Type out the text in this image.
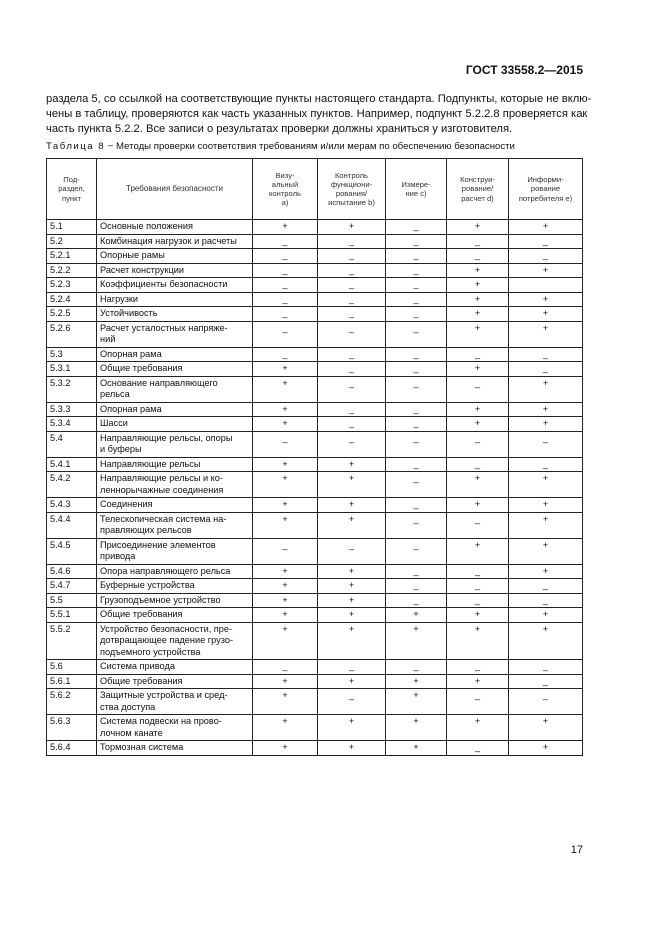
ГОСТ 33558.2—2015
раздела 5, со ссылкой на соответствующие пункты настоящего стандарта. Подпункты, которые не вклю-
чены в таблицу, проверяются как часть указанных пунктов. Например, подпункт 5.2.2.8 проверяется как
часть пункта 5.2.2. Все записи о результатах проверки должны храниться у изготовителя.
Таблица 8 − Методы проверки соответствия требованиям и/или мерам по обеспечению безопасности
Под-
раздел,
пункт	Требования безопасности	Визу-
альный
контроль
a)	Контроль
функциони-
рования/
испытание b)	Измере-
ние c)	Конструи-
рование/
расчет d)	Информи-
рование
потребителя e)
5.1	Основные положения	+	+	_	+	+
5.2	Комбинация нагрузок и расчеты	_	_	_	_	_
5.2.1	Опорные рамы	_	_	_	_	_
5.2.2	Расчет конструкции	_	_	_	+	+
5.2.3	Коэффициенты безопасности	_	_	_	+	
5.2.4	Нагрузки	_	_	_	+	+
5.2.5	Устойчивость	_	_	_	+	+
5.2.6	Расчет усталостных напряже-
ний	_	_	_	+	+
5.3	Опорная рама	_	_	_	_	_
5.3.1	Общие требования	+	_	_	+	_
5.3.2	Основание направляющего
рельса	+	_	_	_	+
5.3.3	Опорная рама	+	_	_	+	+
5.3.4	Шасси	+	_	_	+	+
5.4	Направляющие рельсы, опоры
и буферы	_	_	_	_	_
5.4.1	Направляющие рельсы	+	+	_	_	_
5.4.2	Направляющие рельсы и ко-
леннорычажные соединения	+	+	_	+	+
5.4.3	Соединения	+	+	_	+	+
5.4.4	Телескопическая система на-
правляющих рельсов	+	+	_	_	+
5.4.5	Присоединение элементов
привода	_	_	_	+	+
5.4.6	Опора направляющего рельса	+	+	_	_	+
5.4.7	Буферные устройства	+	+	_	_	_
5.5	Грузоподъемное устройство	+	+	_	_	_
5.5.1	Общие требования	+	+	+	+	+
5.5.2	Устройство безопасности, пре-
дотвращающее падение грузо-
подъемного устройства	+	+	+	+	+
5.6	Система привода	_	_	_	_	_
5.6.1	Общие требования	+	+	+	+	_
5.6.2	Защитные устройства и сред-
ства доступа	+	_	+	_	_
5.6.3	Система подвески на прово-
лочном канате	+	+	+	+	+
5.6.4	Тормозная система	+	+	+	_	+
17
